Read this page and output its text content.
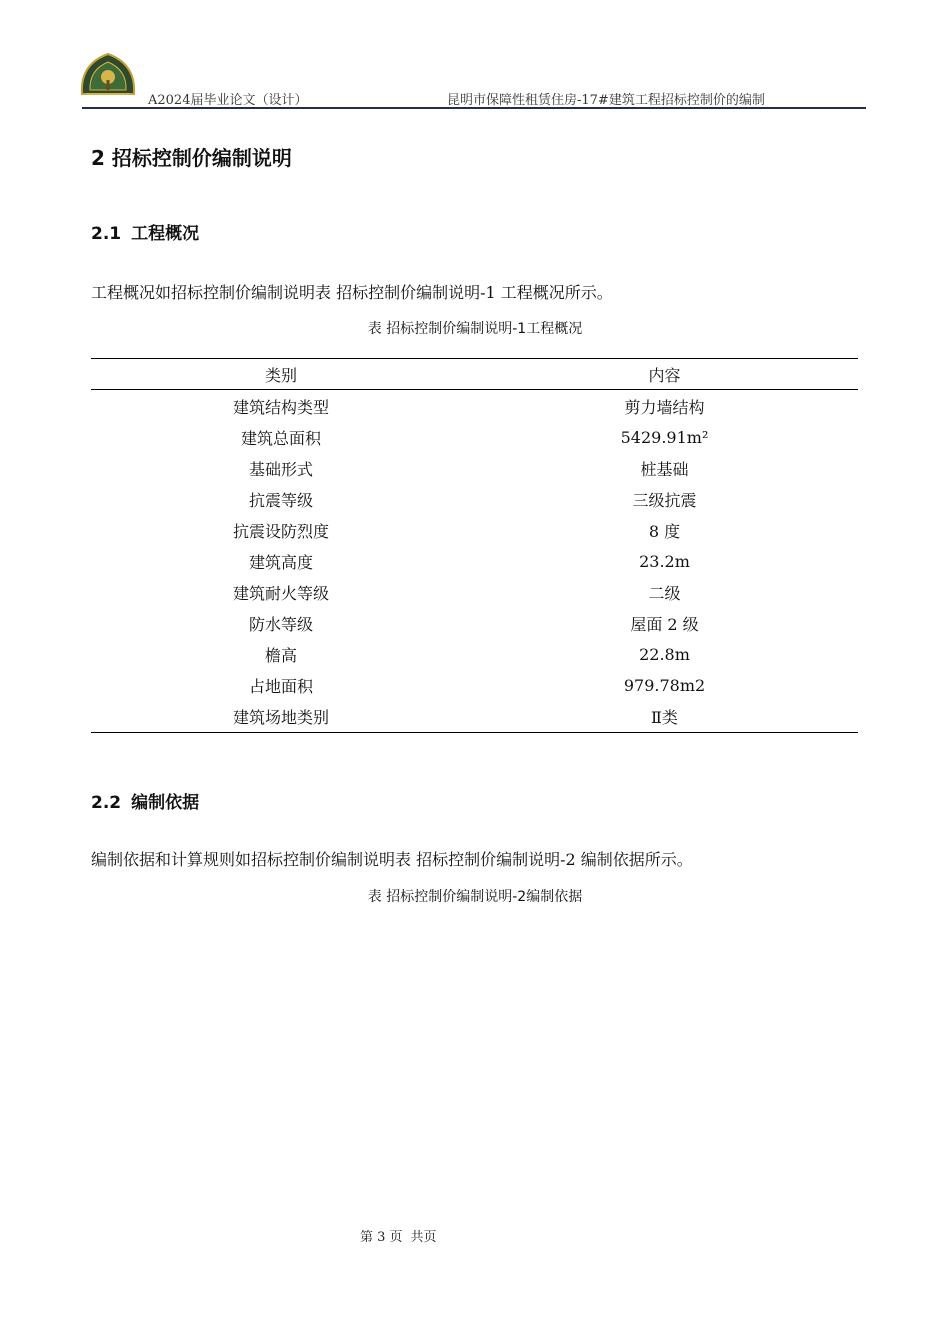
A2024届毕业论文（设计）	昆明市保障性租赁住房-17#建筑工程招标控制价的编制
2 招标控制价编制说明
2.1 工程概况
工程概况如招标控制价编制说明表 招标控制价编制说明-1 工程概况所示。
表 招标控制价编制说明-1工程概况
类别	内容
建筑结构类型	剪力墙结构
建筑总面积	5429.91m²
基础形式	桩基础
抗震等级	三级抗震
抗震设防烈度	8 度
建筑高度	23.2m
建筑耐火等级	二级
防水等级	屋面 2 级
檐高	22.8m
占地面积	979.78m2
建筑场地类别	Ⅱ类
2.2 编制依据
编制依据和计算规则如招标控制价编制说明表 招标控制价编制说明-2 编制依据所示。
表 招标控制价编制说明-2编制依据
第 3 页 共页
